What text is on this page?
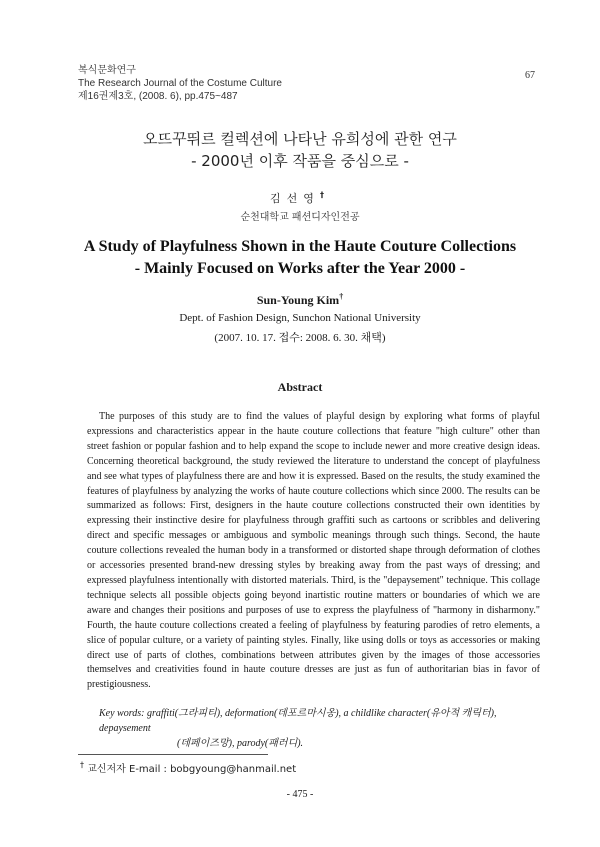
복식문화연구
The Research Journal of the Costume Culture
제16권제3호, (2008. 6), pp.475~487
67
오뜨꾸뛰르 컬렉션에 나타난 유희성에 관한 연구
- 2000년 이후 작품을 중심으로 -
김선영†
순천대학교 패션디자인전공
A Study of Playfulness Shown in the Haute Couture Collections
- Mainly Focused on Works after the Year 2000 -
Sun-Young Kim†
Dept. of Fashion Design, Sunchon National University
(2007. 10. 17. 접수: 2008. 6. 30. 채택)
Abstract

The purposes of this study are to find the values of playful design by exploring what forms of playful expressions and characteristics appear in the haute couture collections that feature "high culture" other than street fashion or popular fashion and to help expand the scope to include newer and more creative design ideas. Concerning theoretical background, the study reviewed the literature to understand the concept of playfulness and see what types of playfulness there are and how it is expressed. Based on the results, the study examined the features of playfulness by analyzing the works of haute couture collections which since 2000. The results can be summarized as follows: First, designers in the haute couture collections constructed their own identities by expressing their instinctive desire for playfulness through graffiti such as cartoons or scribbles and delivering direct and specific messages or ambiguous and symbolic meanings through such things. Second, the haute couture collections revealed the human body in a transformed or distorted shape through deformation of clothes or accessories presented brand-new dressing styles by breaking away from the past ways of dressing; and expressed playfulness intentionally with distorted materials. Third, is the "depaysement" technique. This collage technique selects all possible objects going beyond inartistic routine matters or boundaries of which we are aware and changes their positions and purposes of use to express the playfulness of "harmony in disharmony." Fourth, the haute couture collections created a feeling of playfulness by featuring parodies of retro elements, a slice of popular culture, or a variety of painting styles. Finally, like using dolls or toys as accessories or making direct use of parts of clothes, combinations between attributes given by the images of those accessories themselves and creativities found in haute couture dresses are just as fun of authoritarian bias in favor of prestigiousness.

Key words: graffiti(그라피티), deformation(데포르마시옹), a childlike character(유아적 캐릭터), depaysement
(데페이즈망), parody(패러디).
† 교신저자 E-mail : bobgyoung@hanmail.net
- 475 -
